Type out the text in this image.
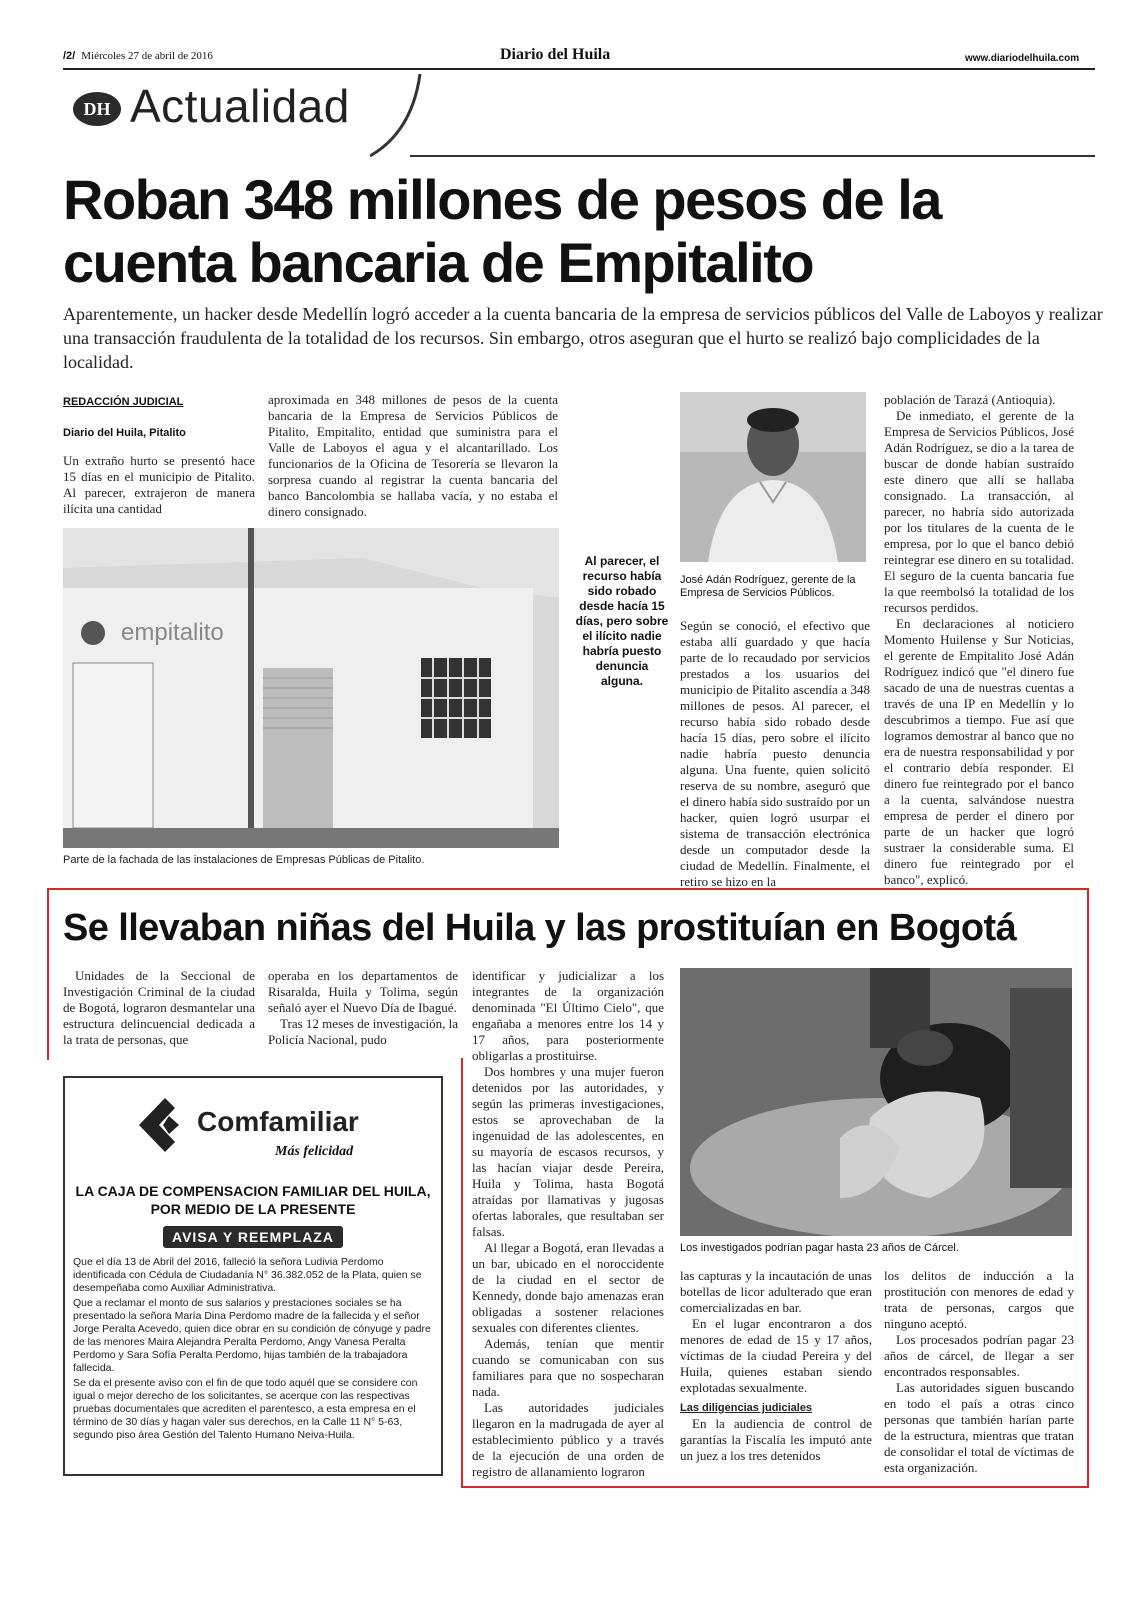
/2/ Miércoles 27 de abril de 2016	Diario del Huila	www.diariodelhuila.com
DH Actualidad
Roban 348 millones de pesos de la cuenta bancaria de Empitalito

Aparentemente, un hacker desde Medellín logró acceder a la cuenta bancaria de la empresa de servicios públicos del Valle de Laboyos y realizar una transacción fraudulenta de la totalidad de los recursos. Sin embargo, otros aseguran que el hurto se realizó bajo complicidades de la localidad.

REDACCIÓN JUDICIAL
Diario del Huila, Pitalito

Un extraño hurto se presentó hace 15 días en el municipio de Pitalito. Al parecer, extrajeron de manera ilícita una cantidad

aproximada en 348 millones de pesos de la cuenta bancaria de la Empresa de Servicios Públicos de Pitalito, Empitalito, entidad que suministra para el Valle de Laboyos el agua y el alcantarillado. Los funcionarios de la Oficina de Tesorería se llevaron la sorpresa cuando al registrar la cuenta bancaria del banco Bancolombia se hallaba vacía, y no estaba el dinero consignado.

empitalito
Parte de la fachada de las instalaciones de Empresas Públicas de Pitalito.

Al parecer, el recurso había sido robado desde hacía 15 días, pero sobre el ilícito nadie habría puesto denuncia alguna.

José Adán Rodríguez, gerente de la Empresa de Servicios Públicos.

Según se conoció, el efectivo que estaba allí guardado y que hacía parte de lo recaudado por servicios prestados a los usuarios del municipio de Pitalito ascendía a 348 millones de pesos. Al parecer, el recurso había sido robado desde hacía 15 días, pero sobre el ilícito nadie habría puesto denuncia alguna. Una fuente, quien solicitó reserva de su nombre, aseguró que el dinero había sido sustraído por un hacker, quien logró usurpar el sistema de transacción electrónica desde un computador desde la ciudad de Medellín. Finalmente, el retiro se hizo en la

población de Tarazá (Antioquia).

De inmediato, el gerente de la Empresa de Servicios Públicos, José Adán Rodríguez, se dio a la tarea de buscar de donde habían sustraído este dinero que allí se hallaba consignado. La transacción, al parecer, no habría sido autorizada por los titulares de la cuenta de le empresa, por lo que el banco debió reintegrar ese dinero en su totalidad. El seguro de la cuenta bancaria fue la que reembolsó la totalidad de los recursos perdidos.

En declaraciones al noticiero Momento Huilense y Sur Noticias, el gerente de Empitalito José Adán Rodríguez indicó que "el dinero fue sacado de una de nuestras cuentas a través de una IP en Medellín y lo descubrimos a tiempo. Fue así que logramos demostrar al banco que no era de nuestra responsabilidad y por el contrario debía responder. El dinero fue reintegrado por el banco a la cuenta, salvándose nuestra empresa de perder el dinero por parte de un hacker que logró sustraer la considerable suma. El dinero fue reintegrado por el banco", explicó.

Se llevaban niñas del Huila y las prostituían en Bogotá

Unidades de la Seccional de Investigación Criminal de la ciudad de Bogotá, lograron desmantelar una estructura delincuencial dedicada a la trata de personas, que

operaba en los departamentos de Risaralda, Huila y Tolima, según señaló ayer el Nuevo Día de Ibagué.

Tras 12 meses de investigación, la Policía Nacional, pudo

identificar y judicializar a los integrantes de la organización denominada "El Último Cielo", que engañaba a menores entre los 14 y 17 años, para posteriormente obligarlas a prostituirse.

Dos hombres y una mujer fueron detenidos por las autoridades, y según las primeras investigaciones, estos se aprovechaban de la ingenuidad de las adolescentes, en su mayoría de escasos recursos, y las hacían viajar desde Pereira, Huila y Tolima, hasta Bogotá atraídas por llamativas y jugosas ofertas laborales, que resultaban ser falsas.

Al llegar a Bogotá, eran llevadas a un bar, ubicado en el noroccidente de la ciudad en el sector de Kennedy, donde bajo amenazas eran obligadas a sostener relaciones sexuales con diferentes clientes.

Además, tenían que mentir cuando se comunicaban con sus familiares para que no sospecharan nada.

Las autoridades judiciales llegaron en la madrugada de ayer al establecimiento público y a través de la ejecución de una orden de registro de allanamiento lograron

Los investigados podrían pagar hasta 23 años de Cárcel.

las capturas y la incautación de unas botellas de licor adulterado que eran comercializadas en bar.

En el lugar encontraron a dos menores de edad de 15 y 17 años, víctimas de la ciudad Pereira y del Huila, quienes estaban siendo explotadas sexualmente.

Las diligencias judiciales

En la audiencia de control de garantías la Fiscalía les imputó ante un juez a los tres detenidos

los delitos de inducción a la prostitución con menores de edad y trata de personas, cargos que ninguno aceptó.

Los procesados podrían pagar 23 años de cárcel, de llegar a ser encontrados responsables.

Las autoridades siguen buscando en todo el país a otras cinco personas que también harían parte de la estructura, mientras que tratan de consolidar el total de víctimas de esta organización.

Comfamiliar
Más felicidad
LA CAJA DE COMPENSACION FAMILIAR DEL HUILA,
POR MEDIO DE LA PRESENTE
AVISA Y REEMPLAZA

Que el día 13 de Abril del 2016, falleció la señora Ludivia Perdomo identificada con Cédula de Ciudadanía N° 36.382.052 de la Plata, quien se desempeñaba como Auxiliar Administrativa.

Que a reclamar el monto de sus salarios y prestaciones sociales se ha presentado la señora María Dina Perdomo madre de la fallecida y el señor Jorge Peralta Acevedo, quien dice obrar en su condición de cónyuge y padre de las menores Maira Alejandra Peralta Perdomo, Angy Vanesa Peralta Perdomo y Sara Sofía Peralta Perdomo, hijas también de la trabajadora fallecida.

Se da el presente aviso con el fin de que todo aquél que se considere con igual o mejor derecho de los solicitantes, se acerque con las respectivas pruebas documentales que acrediten el parentesco, a esta empresa en el término de 30 días y hagan valer sus derechos, en la Calle 11 N° 5-63, segundo piso área Gestión del Talento Humano Neiva-Huila.
